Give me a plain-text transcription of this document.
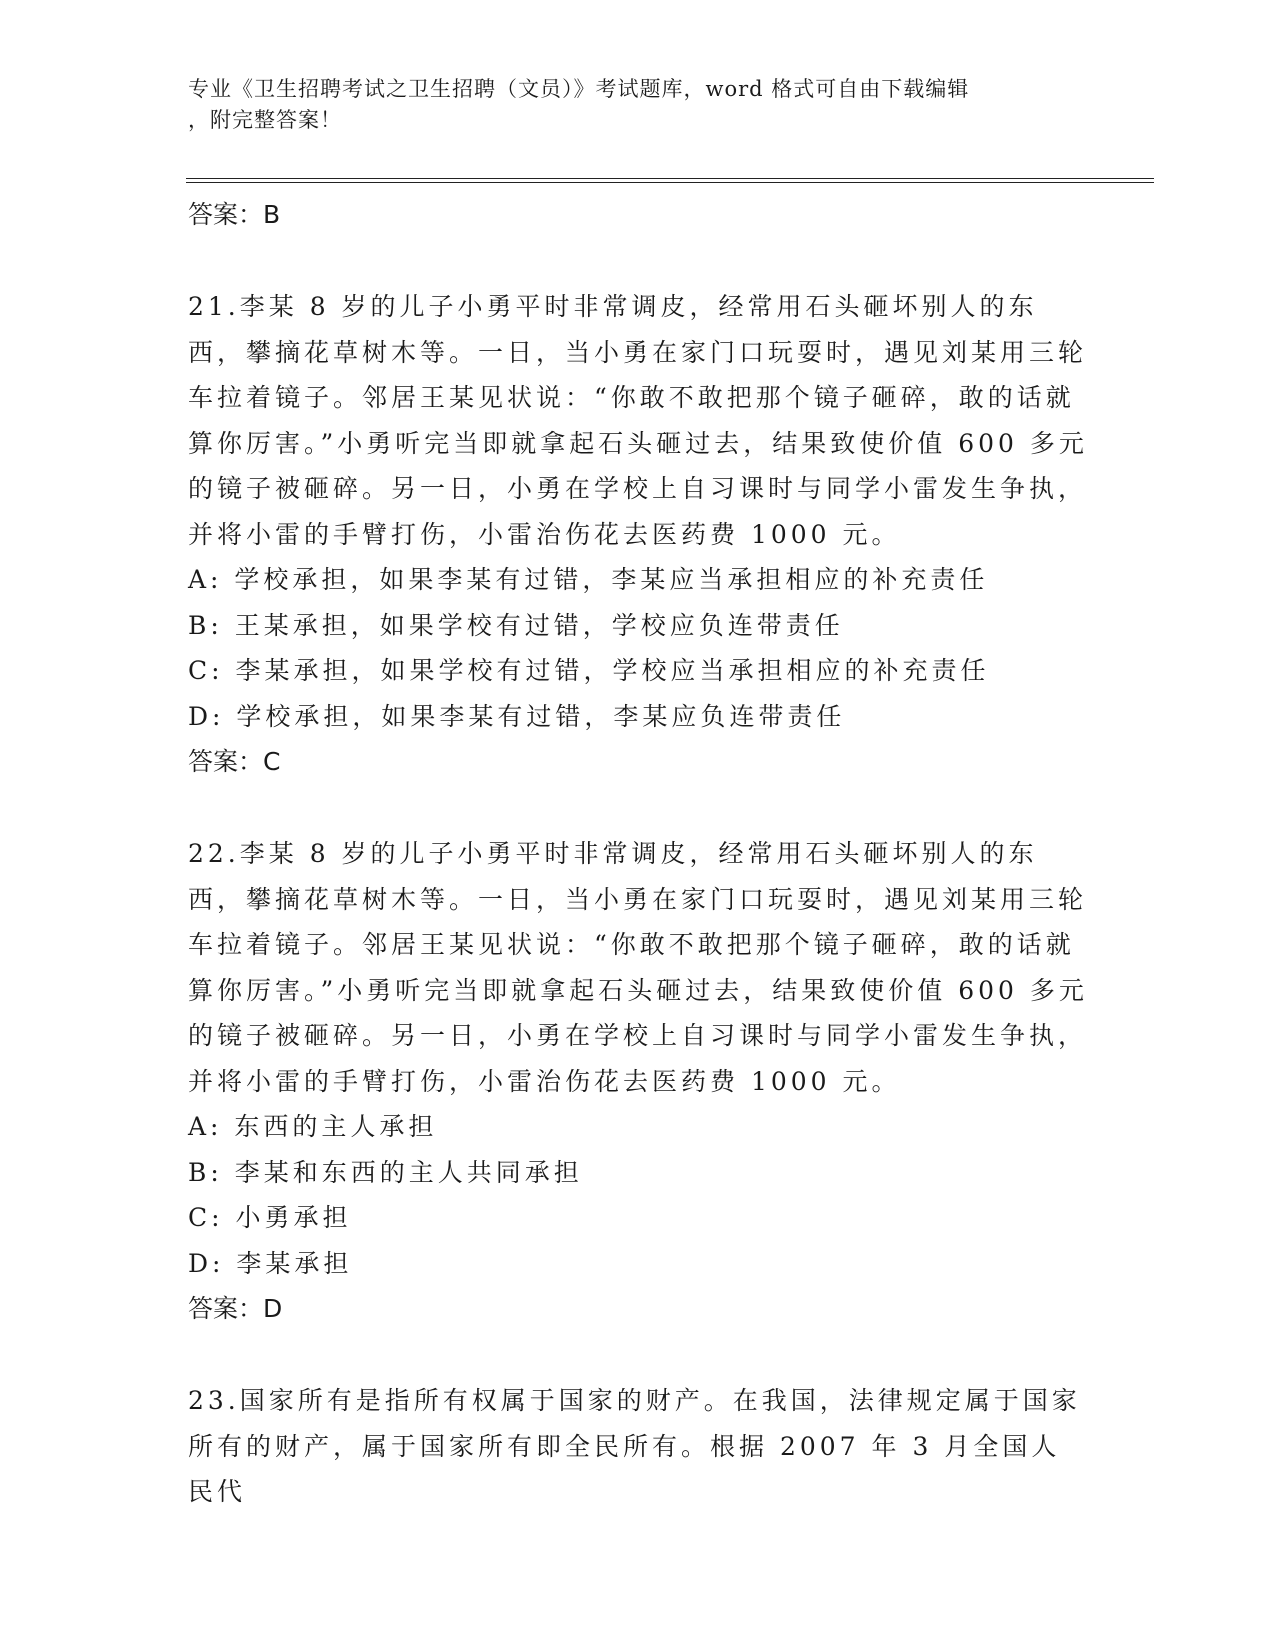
专业《卫生招聘考试之卫生招聘（文员）》考试题库，word 格式可自由下载编辑
，附完整答案！
答案：B
21.李某 8 岁的儿子小勇平时非常调皮，经常用石头砸坏别人的东西，攀摘花草树木等。一日，当小勇在家门口玩耍时，遇见刘某用三轮车拉着镜子。邻居王某见状说：“你敢不敢把那个镜子砸碎，敢的话就算你厉害。”小勇听完当即就拿起石头砸过去，结果致使价值 600 多元的镜子被砸碎。另一日，小勇在学校上自习课时与同学小雷发生争执，并将小雷的手臂打伤，小雷治伤花去医药费 1000 元。
A: 学校承担，如果李某有过错，李某应当承担相应的补充责任
B: 王某承担，如果学校有过错，学校应负连带责任
C: 李某承担，如果学校有过错，学校应当承担相应的补充责任
D: 学校承担，如果李某有过错，李某应负连带责任
答案：C
22.李某 8 岁的儿子小勇平时非常调皮，经常用石头砸坏别人的东西，攀摘花草树木等。一日，当小勇在家门口玩耍时，遇见刘某用三轮车拉着镜子。邻居王某见状说：“你敢不敢把那个镜子砸碎，敢的话就算你厉害。”小勇听完当即就拿起石头砸过去，结果致使价值 600 多元的镜子被砸碎。另一日，小勇在学校上自习课时与同学小雷发生争执，并将小雷的手臂打伤，小雷治伤花去医药费 1000 元。
A: 东西的主人承担
B: 李某和东西的主人共同承担
C: 小勇承担
D: 李某承担
答案：D
23.国家所有是指所有权属于国家的财产。在我国，法律规定属于国家所有的财产，属于国家所有即全民所有。根据 2007 年 3 月全国人民代
